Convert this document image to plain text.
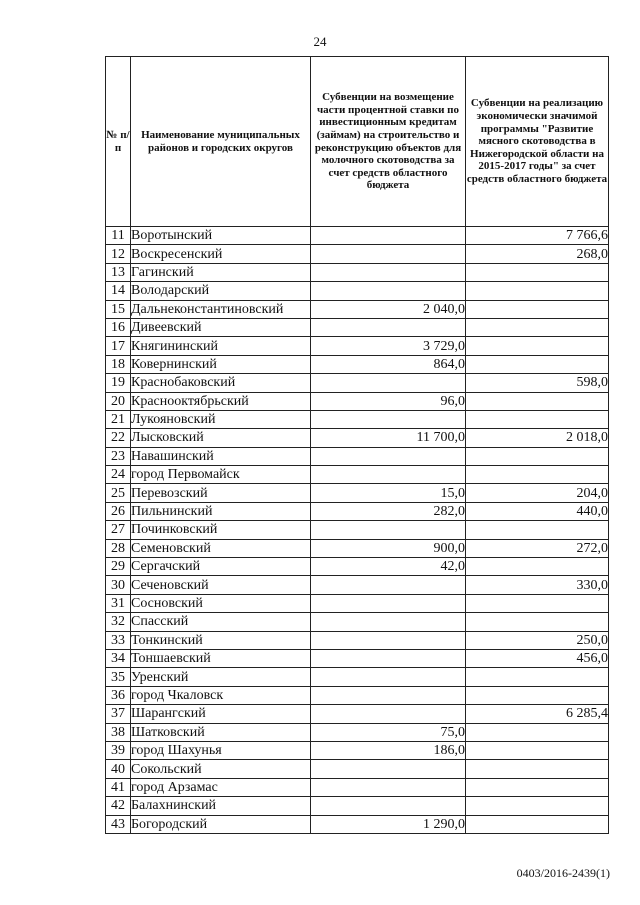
24
№ п/п	Наименование муниципальных районов и городских округов	Субвенции на возмещение части процентной ставки по инвестиционным кредитам (займам) на строительство и реконструкцию объектов для молочного скотоводства за счет средств областного бюджета	Субвенции на реализацию экономически значимой программы "Развитие мясного скотоводства в Нижегородской области на 2015-2017 годы" за счет средств областного бюджета
11	Воротынский		7 766,6
12	Воскресенский		268,0
13	Гагинский		
14	Володарский		
15	Дальнеконстантиновский	2 040,0	
16	Дивеевский		
17	Княгининский	3 729,0	
18	Ковернинский	864,0	
19	Краснобаковский		598,0
20	Краснооктябрьский	96,0	
21	Лукояновский		
22	Лысковский	11 700,0	2 018,0
23	Навашинский		
24	город Первомайск		
25	Перевозский	15,0	204,0
26	Пильнинский	282,0	440,0
27	Починковский		
28	Семеновский	900,0	272,0
29	Сергачский	42,0	
30	Сеченовский		330,0
31	Сосновский		
32	Спасский		
33	Тонкинский		250,0
34	Тоншаевский		456,0
35	Уренский		
36	город Чкаловск		
37	Шарангский		6 285,4
38	Шатковский	75,0	
39	город Шахунья	186,0	
40	Сокольский		
41	город Арзамас		
42	Балахнинский		
43	Богородский	1 290,0	
0403/2016-2439(1)
